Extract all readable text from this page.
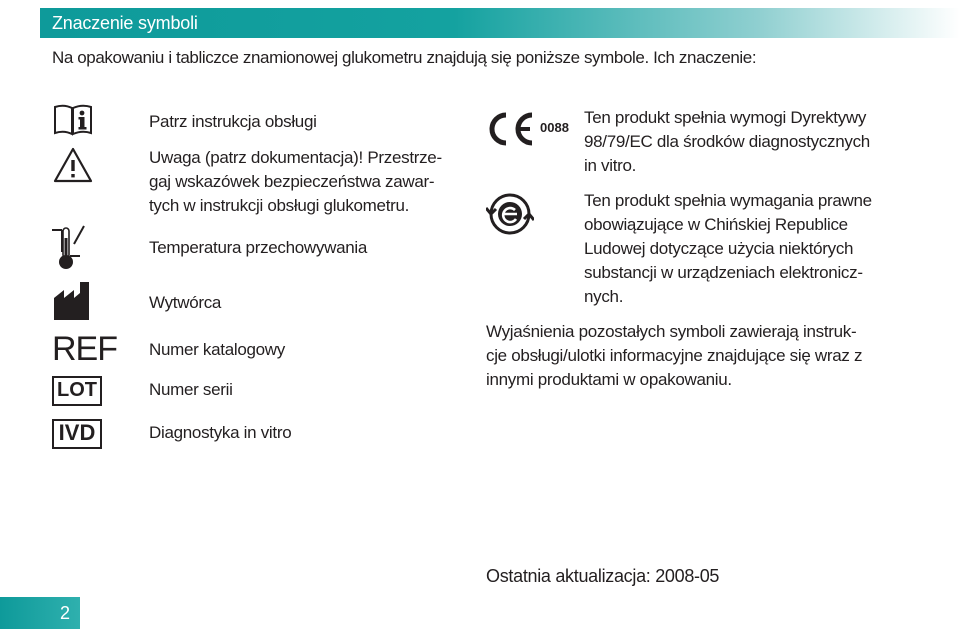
Znaczenie symboli
Na opakowaniu i tabliczce znamionowej glukometru znajdują się poniższe symbole. Ich znaczenie:
Patrz instrukcja obsługi
Uwaga (patrz dokumentacja)! Przestrze-
gaj wskazówek bezpieczeństwa zawar-
tych w instrukcji obsługi glukometru.
Temperatura przechowywania
Wytwórca
REF Numer katalogowy
LOT	Numer serii
IVD	Diagnostyka in vitro
0088
Ten produkt spełnia wymogi Dyrektywy
98/79/EC dla środków diagnostycznych
in vitro.
Ten produkt spełnia wymagania prawne
obowiązujące w Chińskiej Republice
Ludowej dotyczące użycia niektórych
substancji w urządzeniach elektronicz-
nych.
Wyjaśnienia pozostałych symboli zawierają instruk-
cje obsługi/ulotki informacyjne znajdujące się wraz z
innymi produktami w opakowaniu.
Ostatnia aktualizacja: 2008-05
2
